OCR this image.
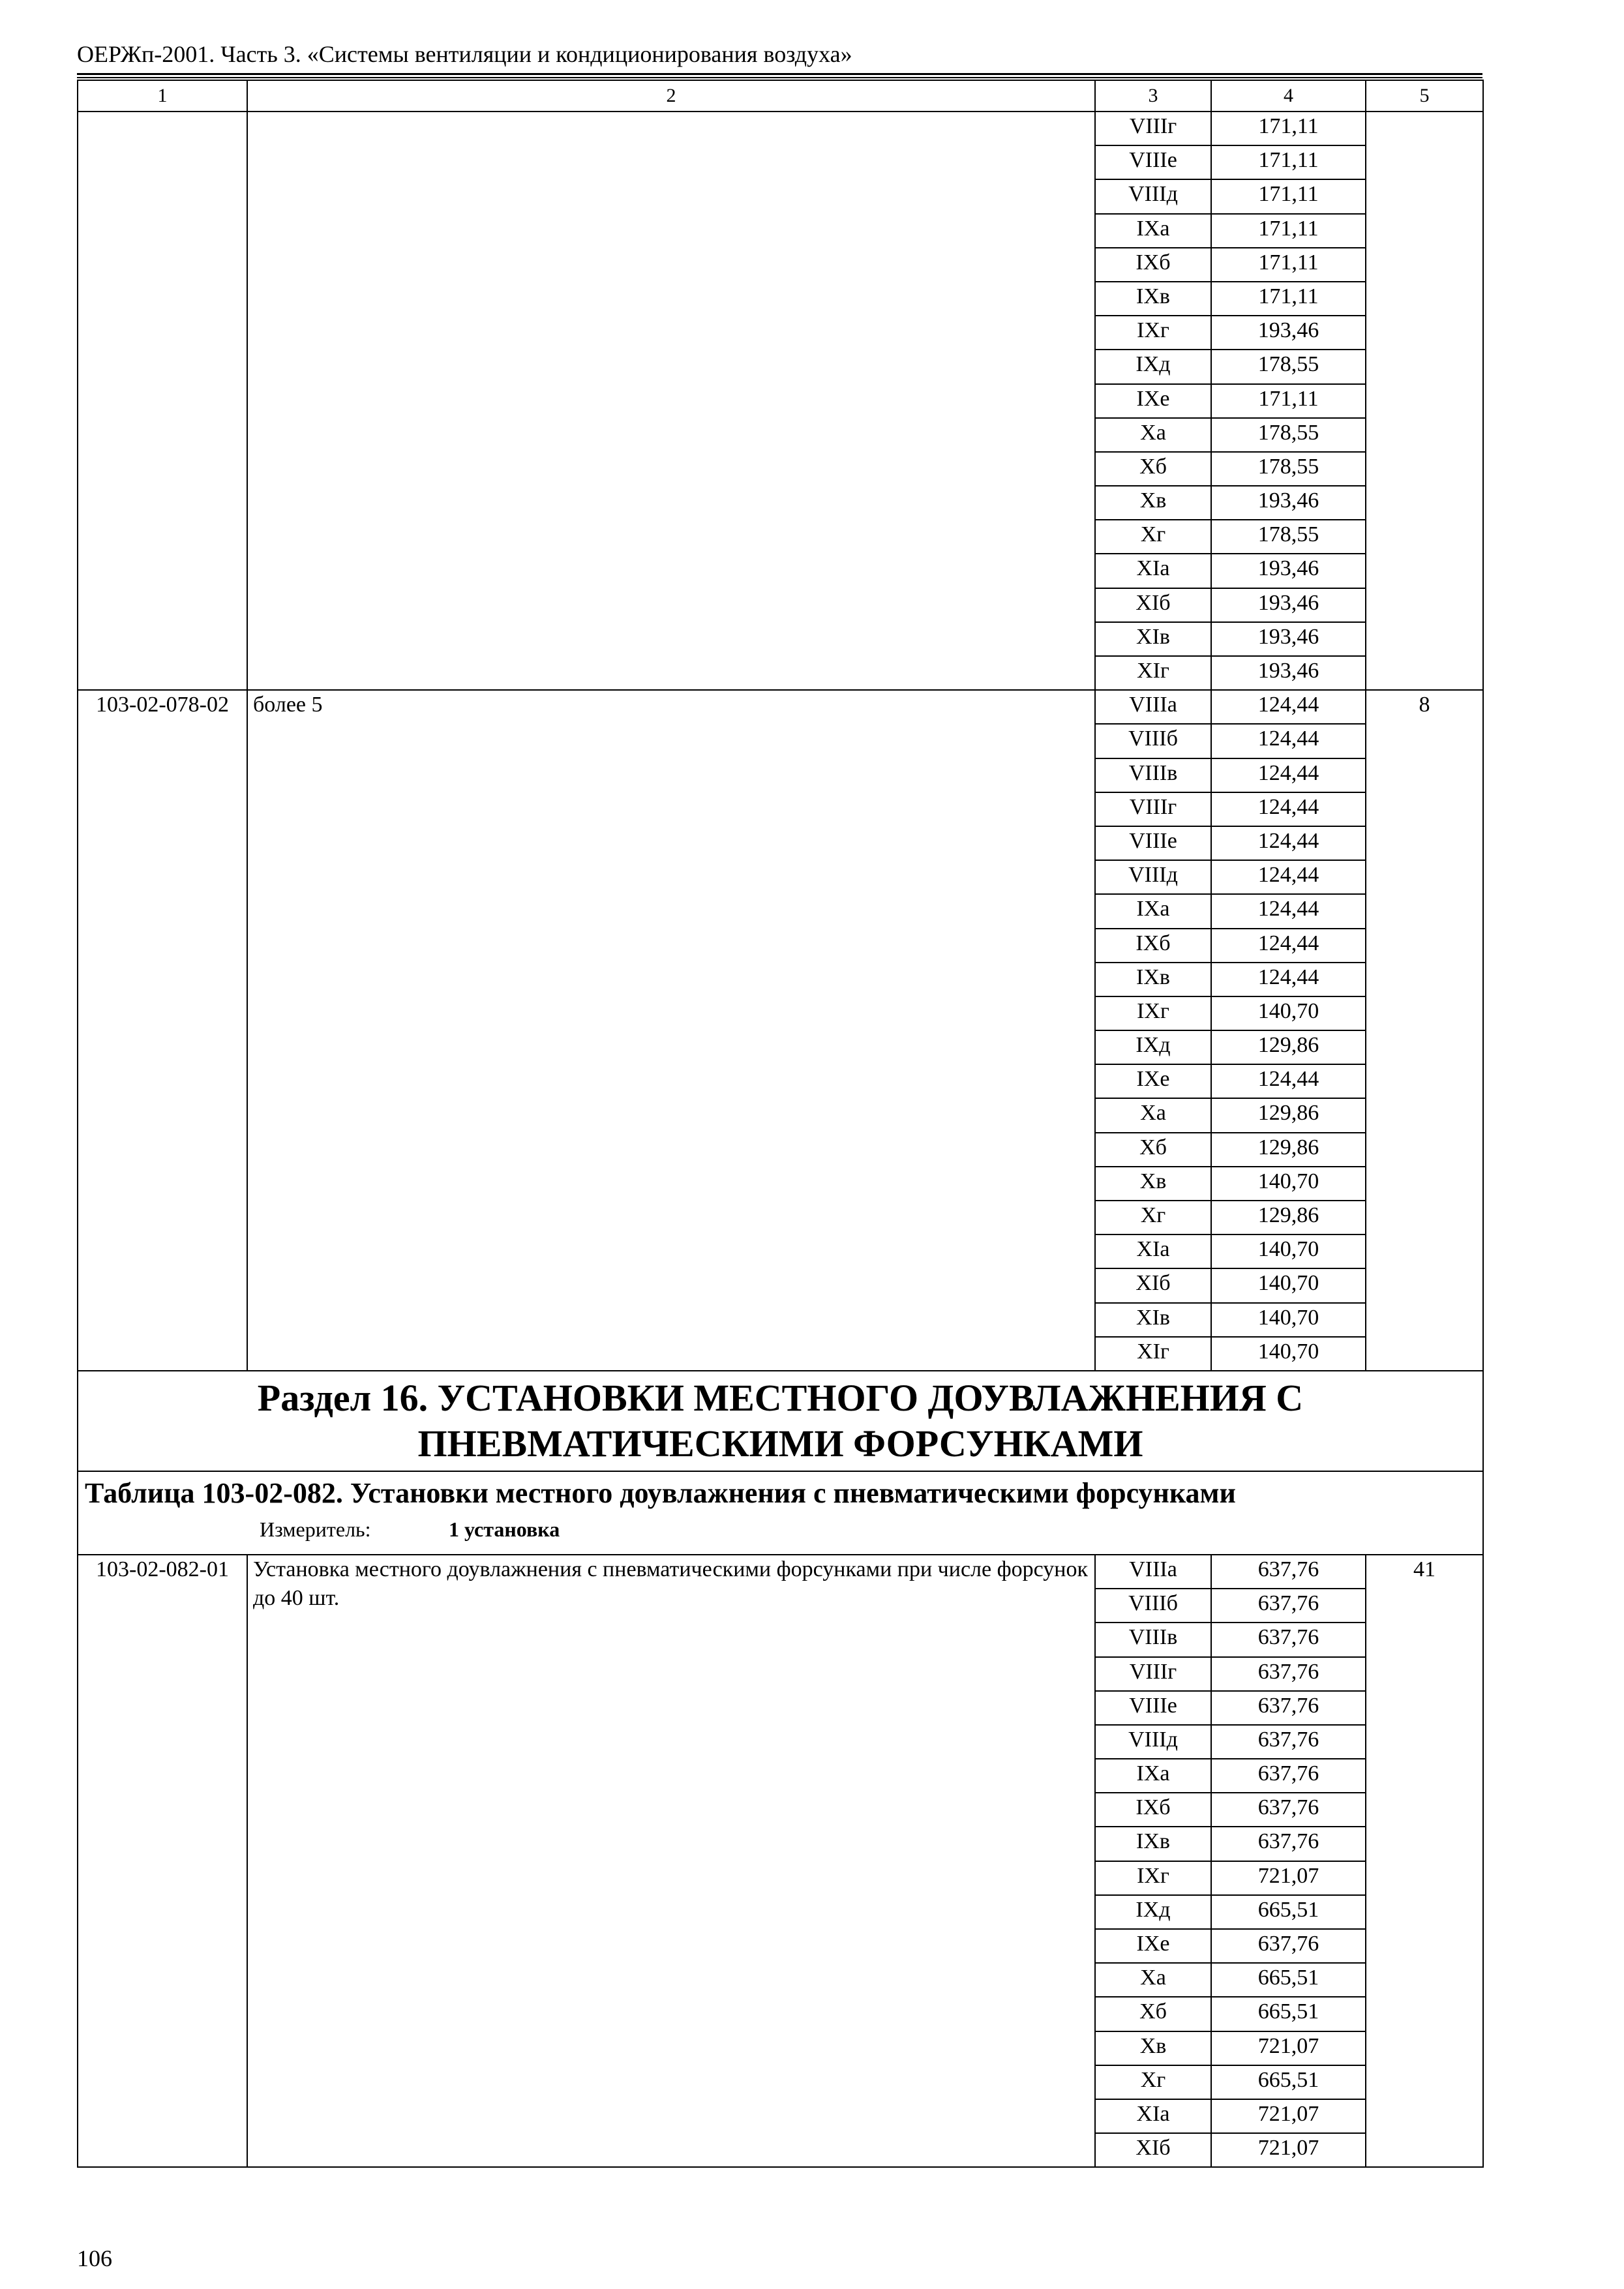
ОЕРЖп-2001. Часть 3. «Системы вентиляции и кондиционирования воздуха»
1	2	3	4	5
		VIIIг	171,11	
		VIIIе	171,11	
		VIIIд	171,11	
		IXа	171,11	
		IXб	171,11	
		IXв	171,11	
		IXг	193,46	
		IXд	178,55	
		IXе	171,11	
		Xа	178,55	
		Xб	178,55	
		Xв	193,46	
		Xг	178,55	
		XIа	193,46	
		XIб	193,46	
		XIв	193,46	
		XIг	193,46	
103-02-078-02	более 5	VIIIа	124,44	8
		VIIIб	124,44	
		VIIIв	124,44	
		VIIIг	124,44	
		VIIIе	124,44	
		VIIIд	124,44	
		IXа	124,44	
		IXб	124,44	
		IXв	124,44	
		IXг	140,70	
		IXд	129,86	
		IXе	124,44	
		Xа	129,86	
		Xб	129,86	
		Xв	140,70	
		Xг	129,86	
		XIа	140,70	
		XIб	140,70	
		XIв	140,70	
		XIг	140,70	

Раздел 16. УСТАНОВКИ МЕСТНОГО ДОУВЛАЖНЕНИЯ С
ПНЕВМАТИЧЕСКИМИ ФОРСУНКАМИ				

Таблица 103-02-082. Установки местного доувлажнения с пневматическими форсунками
Измеритель: 1 установка				

103-02-082-01	Установка местного доувлажнения с пневматическими форсунками при числе форсунок до 40 шт.	VIIIа	637,76	41
		VIIIб	637,76	
		VIIIв	637,76	
		VIIIг	637,76	
		VIIIе	637,76	
		VIIIд	637,76	
		IXа	637,76	
		IXб	637,76	
		IXв	637,76	
		IXг	721,07	
		IXд	665,51	
		IXе	637,76	
		Xа	665,51	
		Xб	665,51	
		Xв	721,07	
		Xг	665,51	
		XIа	721,07	
		XIб	721,07	
106
